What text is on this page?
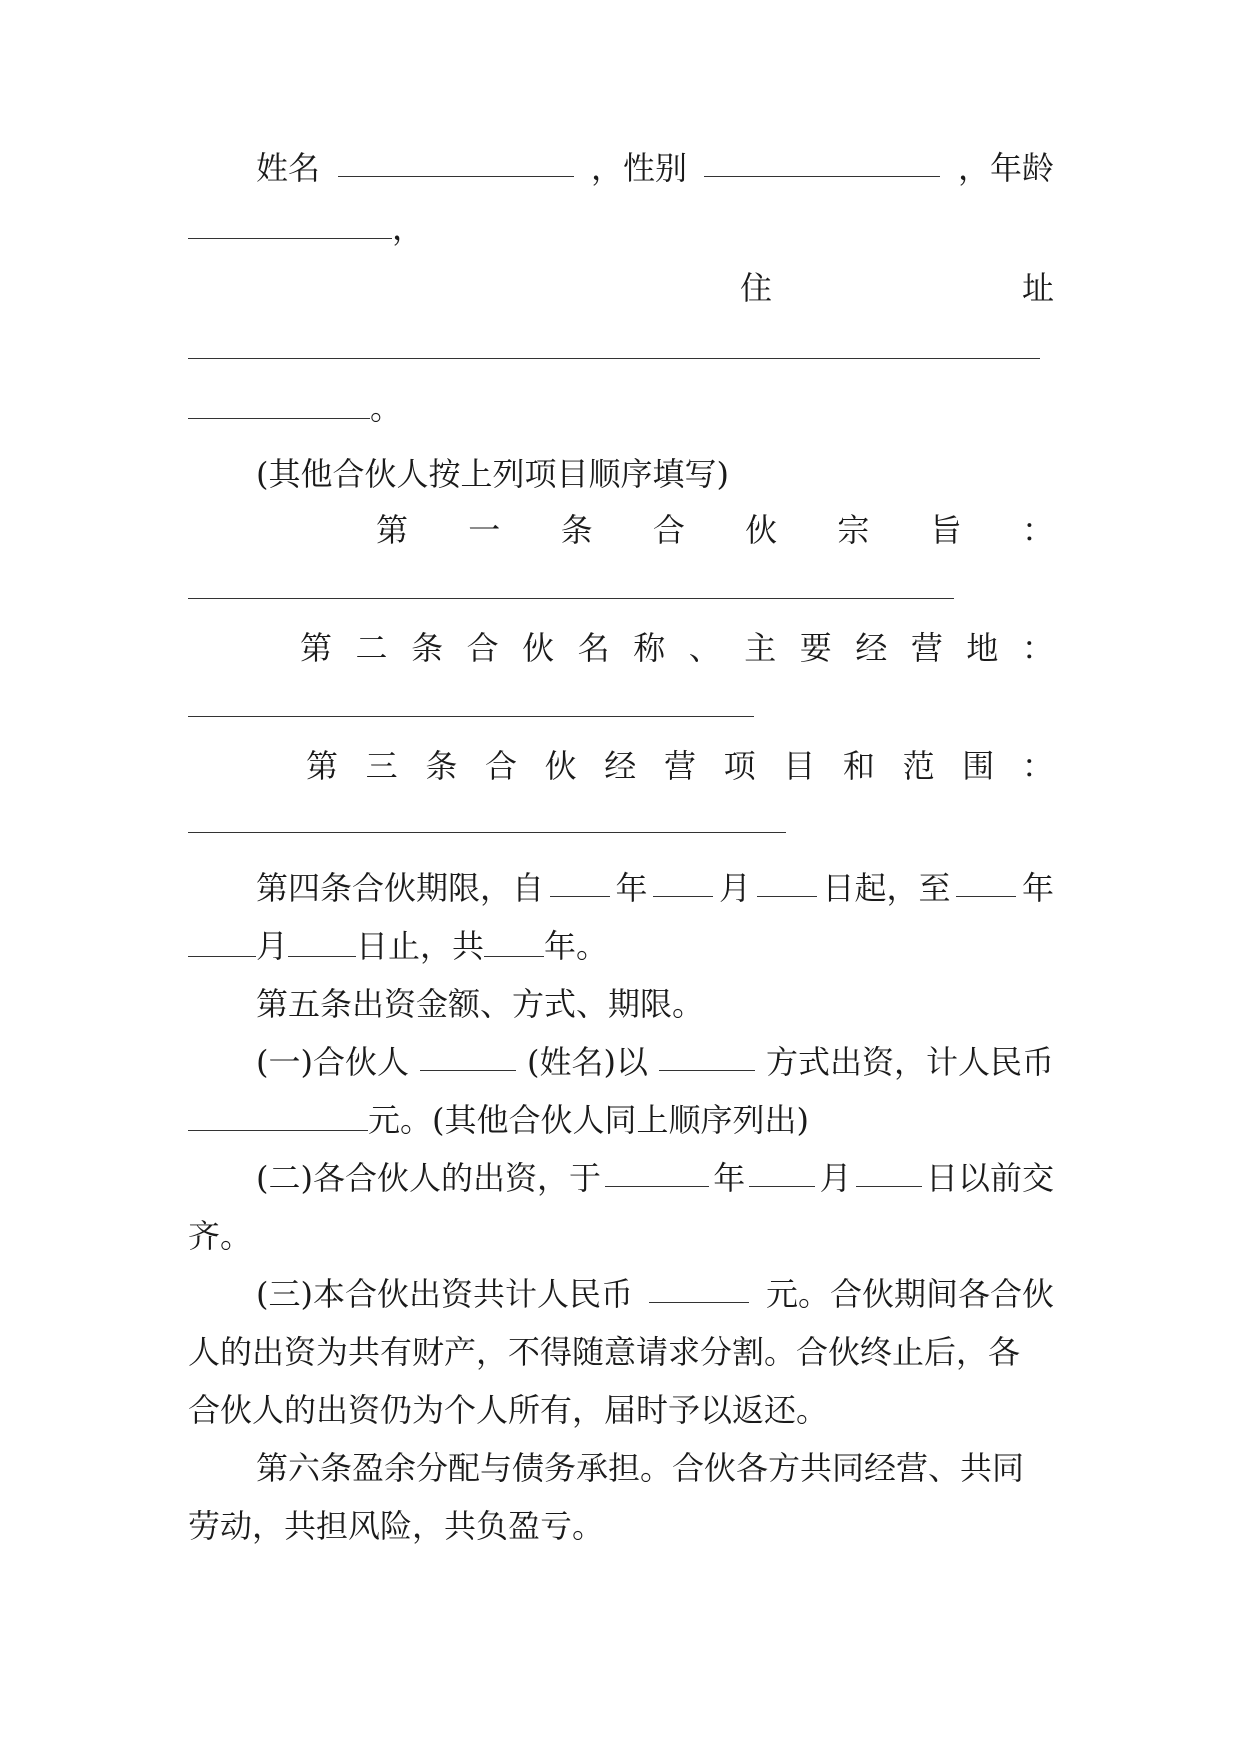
姓名	，性别	，年龄
，
住	址
。
(其他合伙人按上列项目顺序填写)
第 一 条 合 伙 宗 旨 ：
第 二 条 合 伙 名 称 、 主 要 经 营 地 ：
第 三 条 合 伙 经 营 项 目 和 范 围 ：
第四条合伙期限，自 年 月 日起，至 年
月 日止，共 年。
第五条出资金额、方式、期限。
(一)合伙人	(姓名)以	方式出资，计人民币
元。(其他合伙人同上顺序列出)
(二)各合伙人的出资，于	年 月 日以前交
齐。
(三)本合伙出资共计人民币	元。合伙期间各合伙
人的出资为共有财产，不得随意请求分割。合伙终止后，各
合伙人的出资仍为个人所有，届时予以返还。
第六条盈余分配与债务承担。合伙各方共同经营、共同
劳动，共担风险，共负盈亏。
